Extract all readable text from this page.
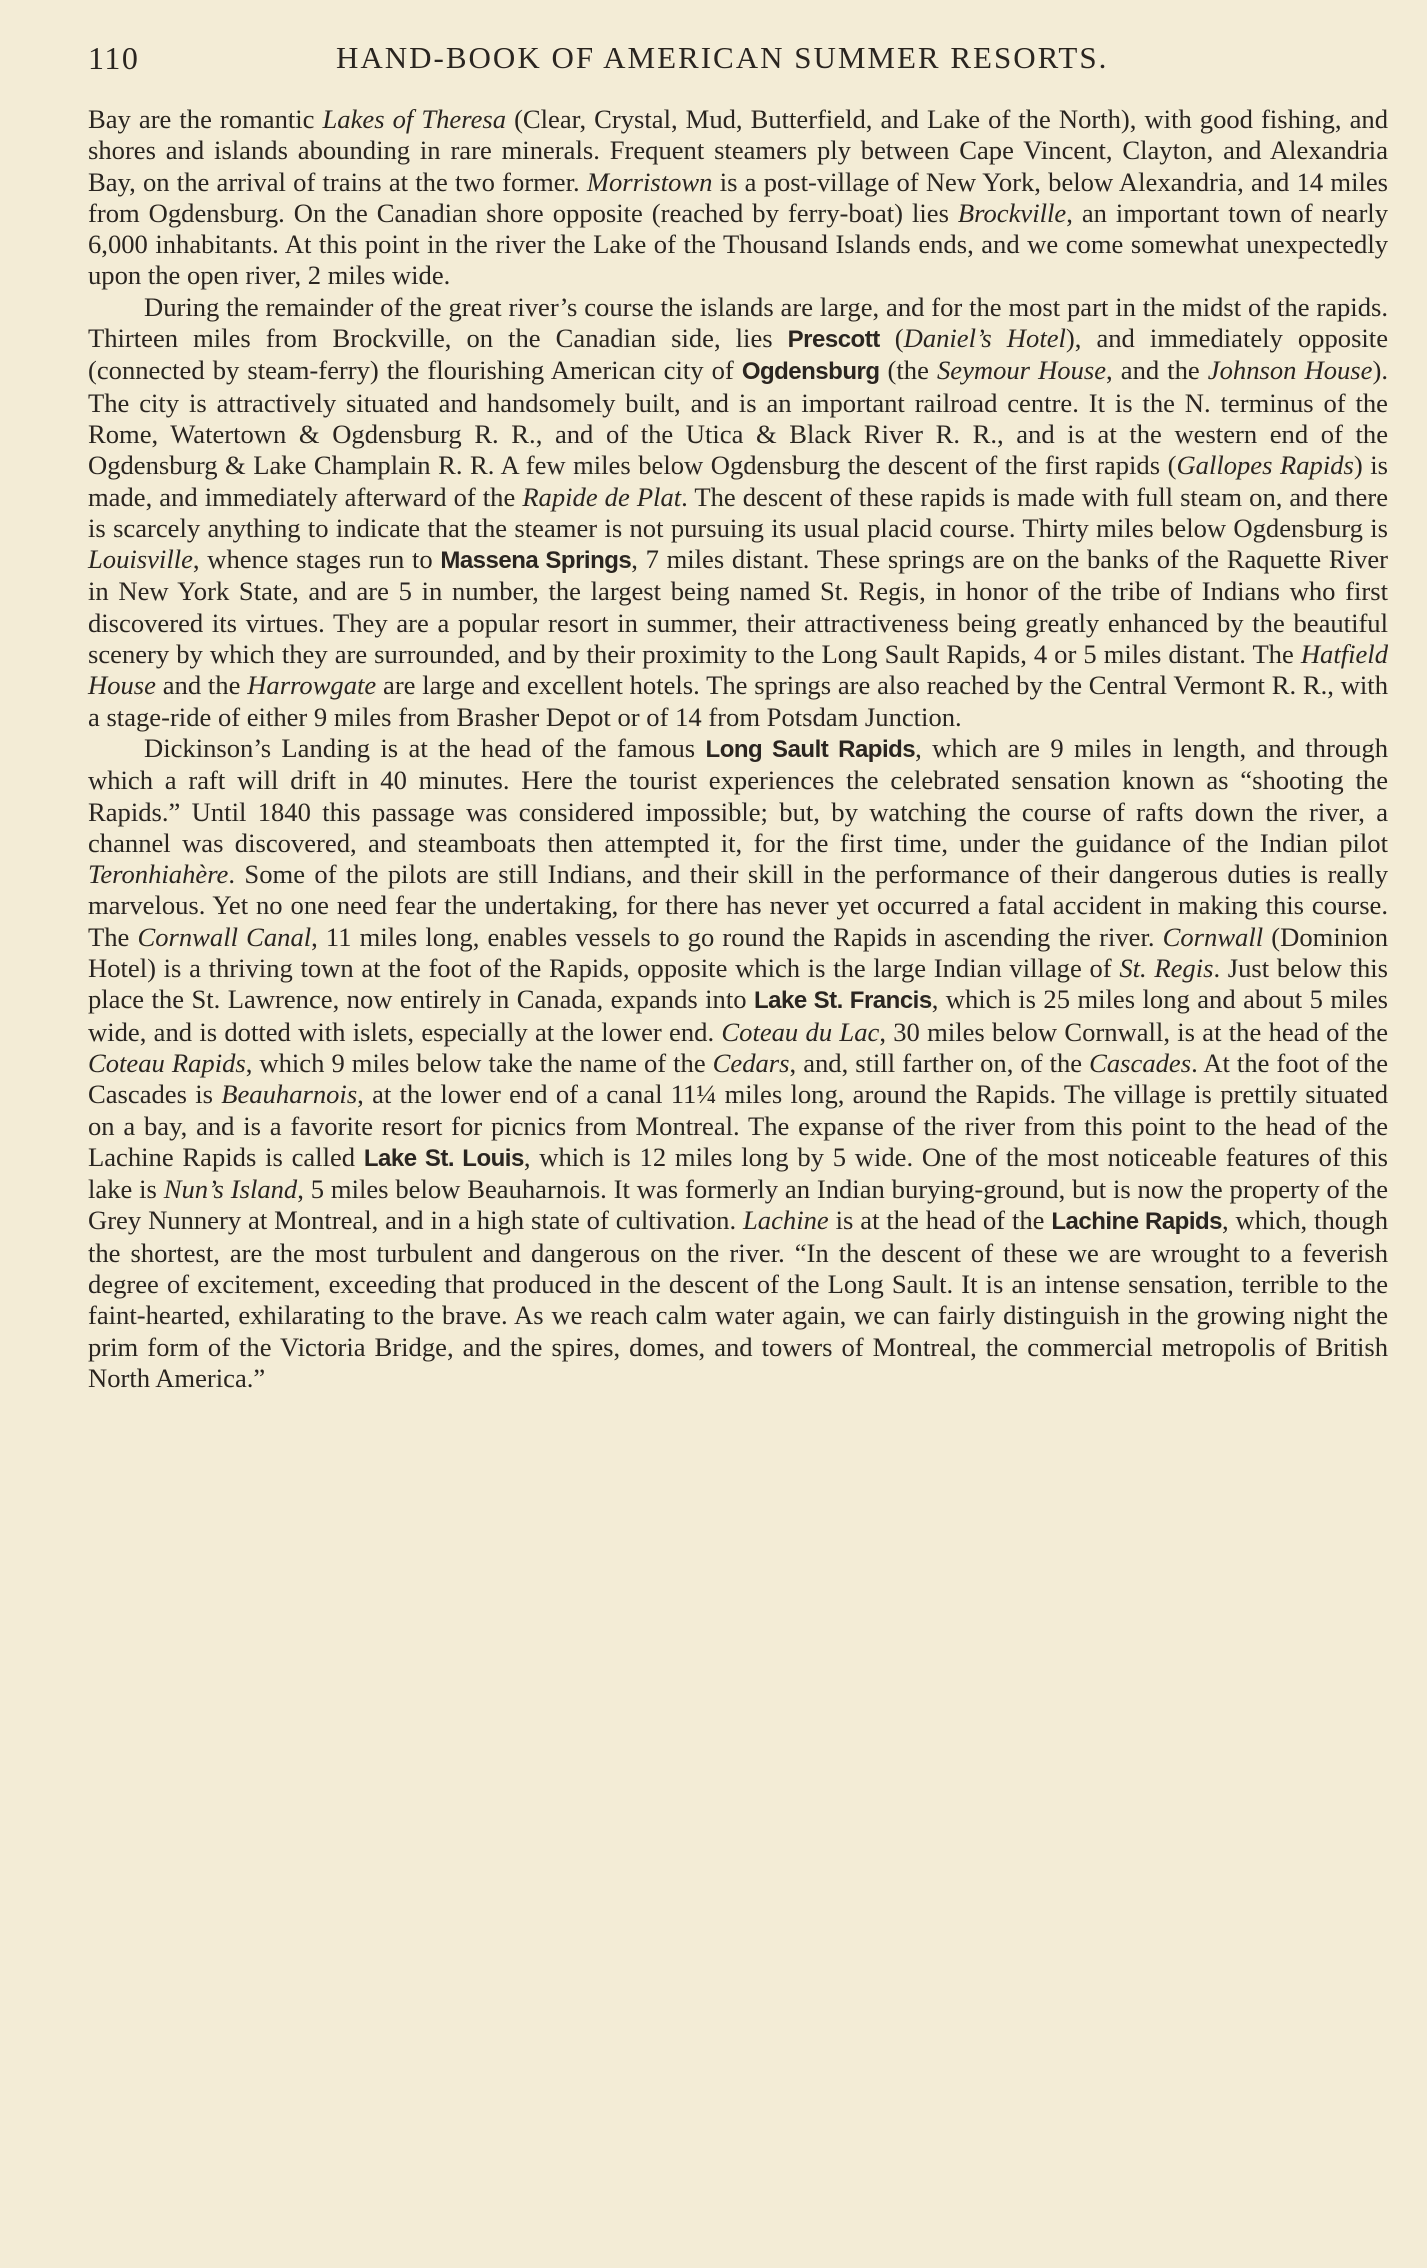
110	HAND-BOOK OF AMERICAN SUMMER RESORTS.

Bay are the romantic Lakes of Theresa (Clear, Crystal, Mud, Butterfield, and Lake of the North), with good fishing, and shores and islands abounding in rare minerals. Frequent steamers ply between Cape Vincent, Clayton, and Alexandria Bay, on the arrival of trains at the two former. Morristown is a post-village of New York, below Alexandria, and 14 miles from Ogdensburg. On the Canadian shore opposite (reached by ferry-boat) lies Brockville, an important town of nearly 6,000 inhabitants. At this point in the river the Lake of the Thousand Islands ends, and we come somewhat unexpectedly upon the open river, 2 miles wide.

During the remainder of the great river’s course the islands are large, and for the most part in the midst of the rapids. Thirteen miles from Brockville, on the Canadian side, lies Prescott (Daniel’s Hotel), and immediately opposite (connected by steam-ferry) the flourishing American city of Ogdensburg (the Seymour House, and the Johnson House). The city is attractively situated and handsomely built, and is an important railroad centre. It is the N. terminus of the Rome, Watertown & Ogdensburg R. R., and of the Utica & Black River R. R., and is at the western end of the Ogdensburg & Lake Champlain R. R. A few miles below Ogdensburg the descent of the first rapids (Gallopes Rapids) is made, and immediately afterward of the Rapide de Plat. The descent of these rapids is made with full steam on, and there is scarcely anything to indicate that the steamer is not pursuing its usual placid course. Thirty miles below Ogdensburg is Louisville, whence stages run to Massena Springs, 7 miles distant. These springs are on the banks of the Raquette River in New York State, and are 5 in number, the largest being named St. Regis, in honor of the tribe of Indians who first discovered its virtues. They are a popular resort in summer, their attractiveness being greatly enhanced by the beautiful scenery by which they are surrounded, and by their proximity to the Long Sault Rapids, 4 or 5 miles distant. The Hatfield House and the Harrowgate are large and excellent hotels. The springs are also reached by the Central Vermont R. R., with a stage-ride of either 9 miles from Brasher Depot or of 14 from Potsdam Junction.

Dickinson’s Landing is at the head of the famous Long Sault Rapids, which are 9 miles in length, and through which a raft will drift in 40 minutes. Here the tourist experiences the celebrated sensation known as “shooting the Rapids.” Until 1840 this passage was considered impossible; but, by watching the course of rafts down the river, a channel was discovered, and steamboats then attempted it, for the first time, under the guidance of the Indian pilot Teronhiahère. Some of the pilots are still Indians, and their skill in the performance of their dangerous duties is really marvelous. Yet no one need fear the undertaking, for there has never yet occurred a fatal accident in making this course. The Cornwall Canal, 11 miles long, enables vessels to go round the Rapids in ascending the river. Cornwall (Dominion Hotel) is a thriving town at the foot of the Rapids, opposite which is the large Indian village of St. Regis. Just below this place the St. Lawrence, now entirely in Canada, expands into Lake St. Francis, which is 25 miles long and about 5 miles wide, and is dotted with islets, especially at the lower end. Coteau du Lac, 30 miles below Cornwall, is at the head of the Coteau Rapids, which 9 miles below take the name of the Cedars, and, still farther on, of the Cascades. At the foot of the Cascades is Beauharnois, at the lower end of a canal 11¼ miles long, around the Rapids. The village is prettily situated on a bay, and is a favorite resort for picnics from Montreal. The expanse of the river from this point to the head of the Lachine Rapids is called Lake St. Louis, which is 12 miles long by 5 wide. One of the most noticeable features of this lake is Nun’s Island, 5 miles below Beauharnois. It was formerly an Indian burying-ground, but is now the property of the Grey Nunnery at Montreal, and in a high state of cultivation. Lachine is at the head of the Lachine Rapids, which, though the shortest, are the most turbulent and dangerous on the river. “In the descent of these we are wrought to a feverish degree of excitement, exceeding that produced in the descent of the Long Sault. It is an intense sensation, terrible to the faint-hearted, exhilarating to the brave. As we reach calm water again, we can fairly distinguish in the growing night the prim form of the Victoria Bridge, and the spires, domes, and towers of Montreal, the commercial metropolis of British North America.”
